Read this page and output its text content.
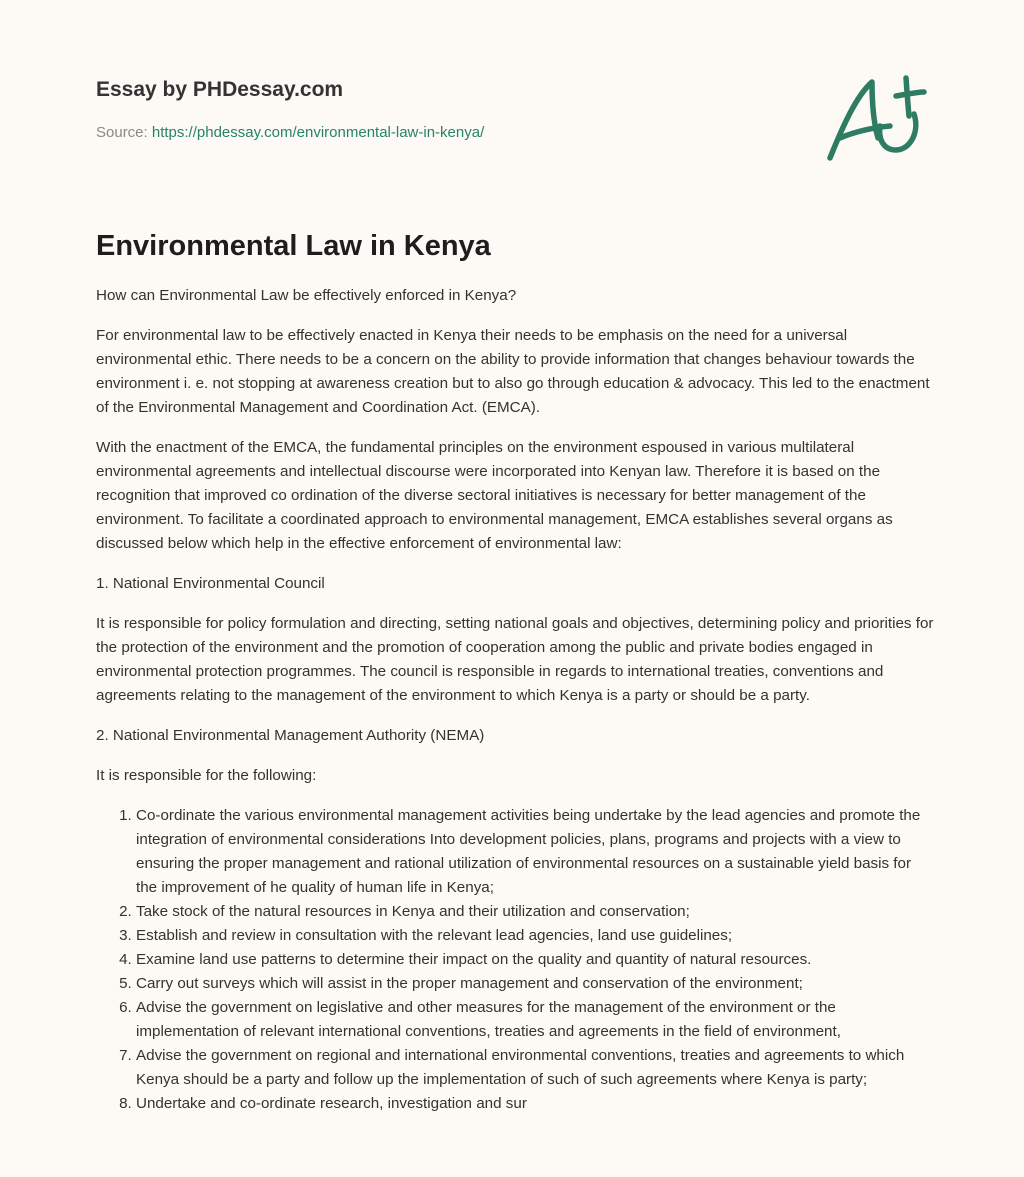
Essay by PHDessay.com
Source: https://phdessay.com/environmental-law-in-kenya/
Environmental Law in Kenya

How can Environmental Law be effectively enforced in Kenya?

For environmental law to be effectively enacted in Kenya their needs to be emphasis on the need for a universal environmental ethic. There needs to be a concern on the ability to provide information that changes behaviour towards the environment i. e. not stopping at awareness creation but to also go through education & advocacy. This led to the enactment of the Environmental Management and Coordination Act. (EMCA).

With the enactment of the EMCA, the fundamental principles on the environment espoused in various multilateral environmental agreements and intellectual discourse were incorporated into Kenyan law. Therefore it is based on the recognition that improved co ordination of the diverse sectoral initiatives is necessary for better management of the environment. To facilitate a coordinated approach to environmental management, EMCA establishes several organs as discussed below which help in the effective enforcement of environmental law:

1. National Environmental Council

It is responsible for policy formulation and directing, setting national goals and objectives, determining policy and priorities for the protection of the environment and the promotion of cooperation among the public and private bodies engaged in environmental protection programmes. The council is responsible in regards to international treaties, conventions and agreements relating to the management of the environment to which Kenya is a party or should be a party.

2. National Environmental Management Authority (NEMA)

It is responsible for the following:

1. Co-ordinate the various environmental management activities being undertake by the lead agencies and promote the integration of environmental considerations Into development policies, plans, programs and projects with a view to ensuring the proper management and rational utilization of environmental resources on a sustainable yield basis for the improvement of he quality of human life in Kenya;
2. Take stock of the natural resources in Kenya and their utilization and conservation;
3. Establish and review in consultation with the relevant lead agencies, land use guidelines;
4. Examine land use patterns to determine their impact on the quality and quantity of natural resources.
5. Carry out surveys which will assist in the proper management and conservation of the environment;
6. Advise the government on legislative and other measures for the management of the environment or the implementation of relevant international conventions, treaties and agreements in the field of environment,
7. Advise the government on regional and international environmental conventions, treaties and agreements to which Kenya should be a party and follow up the implementation of such of such agreements where Kenya is party;
8. Undertake and co-ordinate research, investigation and sur
